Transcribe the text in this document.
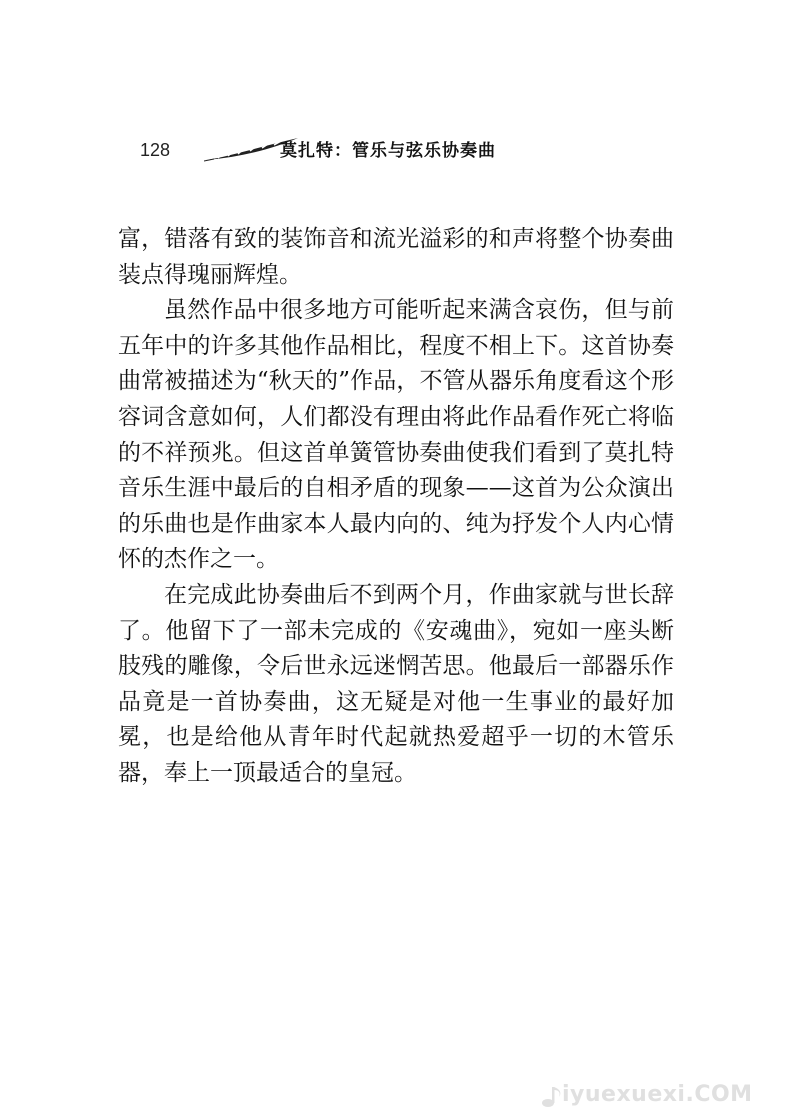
128	莫扎特：管乐与弦乐协奏曲

富，错落有致的装饰音和流光溢彩的和声将整个协奏曲装点得瑰丽辉煌。

虽然作品中很多地方可能听起来满含哀伤，但与前五年中的许多其他作品相比，程度不相上下。这首协奏曲常被描述为“秋天的”作品，不管从器乐角度看这个形容词含意如何，人们都没有理由将此作品看作死亡将临的不祥预兆。但这首单簧管协奏曲使我们看到了莫扎特音乐生涯中最后的自相矛盾的现象——这首为公众演出的乐曲也是作曲家本人最内向的、纯为抒发个人内心情怀的杰作之一。

在完成此协奏曲后不到两个月，作曲家就与世长辞了。他留下了一部未完成的《安魂曲》，宛如一座头断肢残的雕像，令后世永远迷惘苦思。他最后一部器乐作品竟是一首协奏曲，这无疑是对他一生事业的最好加冕，也是给他从青年时代起就热爱超乎一切的木管乐器，奉上一顶最适合的皇冠。

iyuexuexi.COM
